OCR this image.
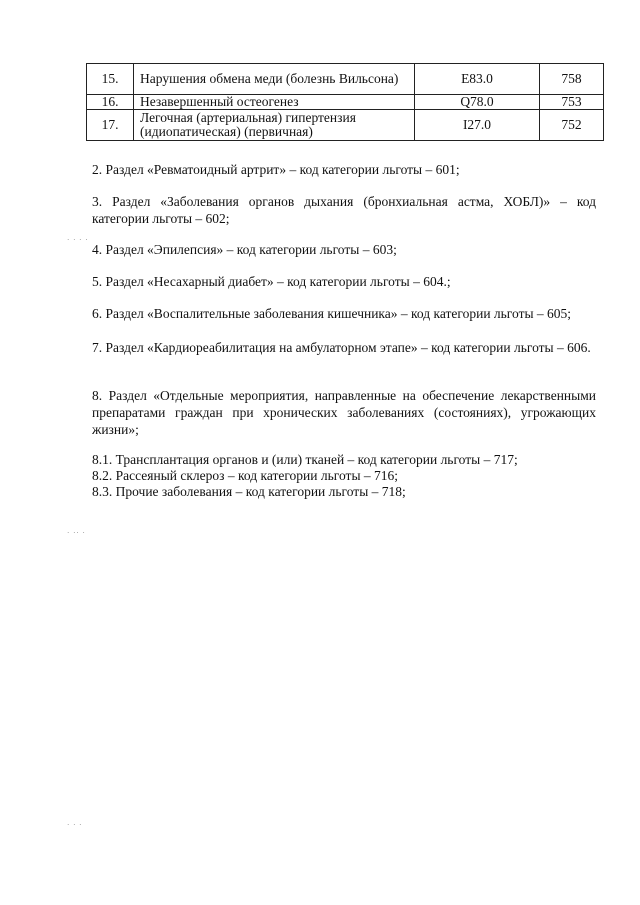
15.	Нарушения обмена меди (болезнь Вильсона)	E83.0	758
16.	Незавершенный остеогенез	Q78.0	753
17.	Легочная (артериальная) гипертензия (идиопатическая) (первичная)	I27.0	752

2. Раздел «Ревматоидный артрит» – код категории льготы – 601;

3. Раздел «Заболевания органов дыхания (бронхиальная астма, ХОБЛ)» – код категории льготы – 602;

· · · ·

4. Раздел «Эпилепсия» – код категории льготы – 603;

5. Раздел «Несахарный диабет» – код категории льготы – 604.;

6. Раздел «Воспалительные заболевания кишечника» – код категории льготы – 605;

7. Раздел «Кардиореабилитация на амбулаторном этапе» – код категории льготы – 606.

8. Раздел «Отдельные мероприятия, направленные на обеспечение лекарственными препаратами граждан при хронических заболеваниях (состояниях), угрожающих жизни»;

8.1. Трансплантация органов и (или) тканей – код категории льготы – 717;

8.2. Рассеяный склероз – код категории льготы – 716;

8.3. Прочие заболевания – код категории льготы – 718;

· ·· ·
· · ·
